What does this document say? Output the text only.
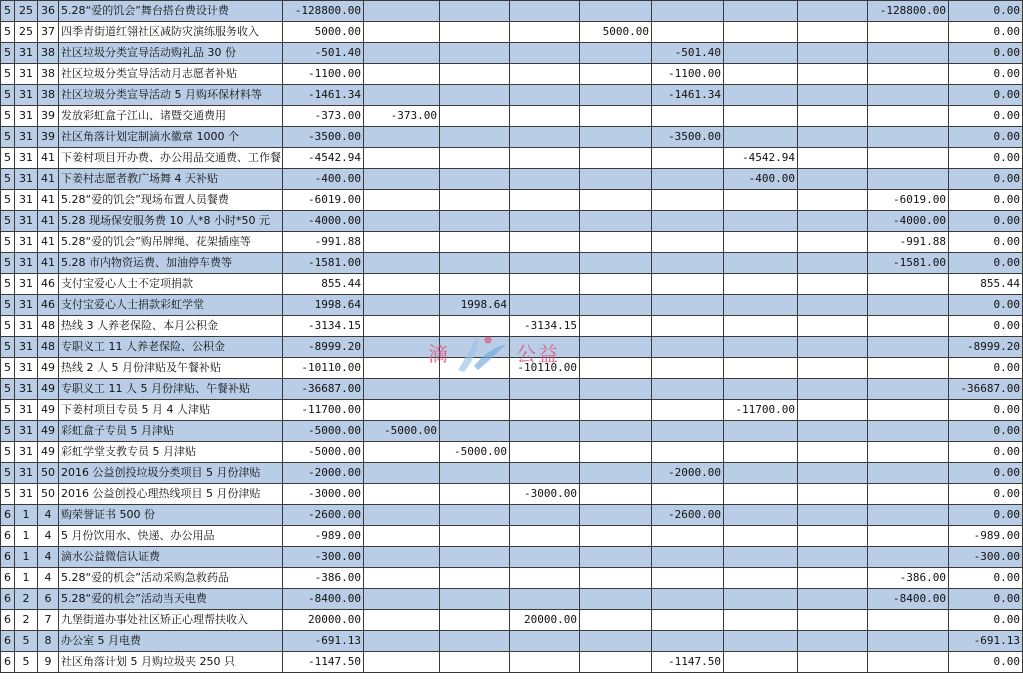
5	25	36	5.28“爱的饥会”舞台搭台费设计费	-128800.00								-128800.00	0.00
5	25	37	四季青街道红翎社区减防灾演练服务收入	5000.00				5000.00					0.00
5	31	38	社区垃圾分类宣导活动购礼品 30 份	-501.40					-501.40				0.00
5	31	38	社区垃圾分类宣导活动月志愿者补贴	-1100.00					-1100.00				0.00
5	31	38	社区垃圾分类宣导活动 5 月购环保材料等	-1461.34					-1461.34				0.00
5	31	39	发放彩虹盒子江山、诸暨交通费用	-373.00	-373.00								0.00
5	31	39	社区角落计划定制滴水徽章 1000 个	-3500.00					-3500.00				0.00
5	31	41	下姜村项目开办费、办公用品交通费、工作餐	-4542.94						-4542.94			0.00
5	31	41	下姜村志愿者教广场舞 4 天补贴	-400.00						-400.00			0.00
5	31	41	5.28“爱的饥会”现场布置人员餐费	-6019.00								-6019.00	0.00
5	31	41	5.28 现场保安服务费 10 人*8 小时*50 元	-4000.00								-4000.00	0.00
5	31	41	5.28“爱的饥会”购吊牌绳、花架插座等	-991.88								-991.88	0.00
5	31	41	5.28 市内物资运费、加油停车费等	-1581.00								-1581.00	0.00
5	31	46	支付宝爱心人士不定项捐款	855.44									855.44
5	31	46	支付宝爱心人士捐款彩虹学堂	1998.64		1998.64							0.00
5	31	48	热线 3 人养老保险、本月公积金	-3134.15			-3134.15						0.00
5	31	48	专职义工 11 人养老保险、公积金	-8999.20									-8999.20
5	31	49	热线 2 人 5 月份津贴及午餐补贴	-10110.00			-10110.00						0.00
5	31	49	专职义工 11 人 5 月份津贴、午餐补贴	-36687.00									-36687.00
5	31	49	下姜村项目专员 5 月 4 人津贴	-11700.00						-11700.00			0.00
5	31	49	彩虹盒子专员 5 月津贴	-5000.00	-5000.00								0.00
5	31	49	彩虹学堂支教专员 5 月津贴	-5000.00		-5000.00							0.00
5	31	50	2016 公益创投垃圾分类项目 5 月份津贴	-2000.00					-2000.00				0.00
5	31	50	2016 公益创投心理热线项目 5 月份津贴	-3000.00			-3000.00						0.00
6	1	4	购荣誉证书 500 份	-2600.00					-2600.00				0.00
6	1	4	5 月份饮用水、快递、办公用品	-989.00									-989.00
6	1	4	滴水公益微信认证费	-300.00									-300.00
6	1	4	5.28“爱的机会”活动采购急救药品	-386.00								-386.00	0.00
6	2	6	5.28“爱的机会”活动当天电费	-8400.00								-8400.00	0.00
6	2	7	九堡街道办事处社区矫正心理帮扶收入	20000.00			20000.00						0.00
6	5	8	办公室 5 月电费	-691.13									-691.13
6	5	9	社区角落计划 5 月购垃圾夹 250 只	-1147.50					-1147.50				0.00
滴	公益
